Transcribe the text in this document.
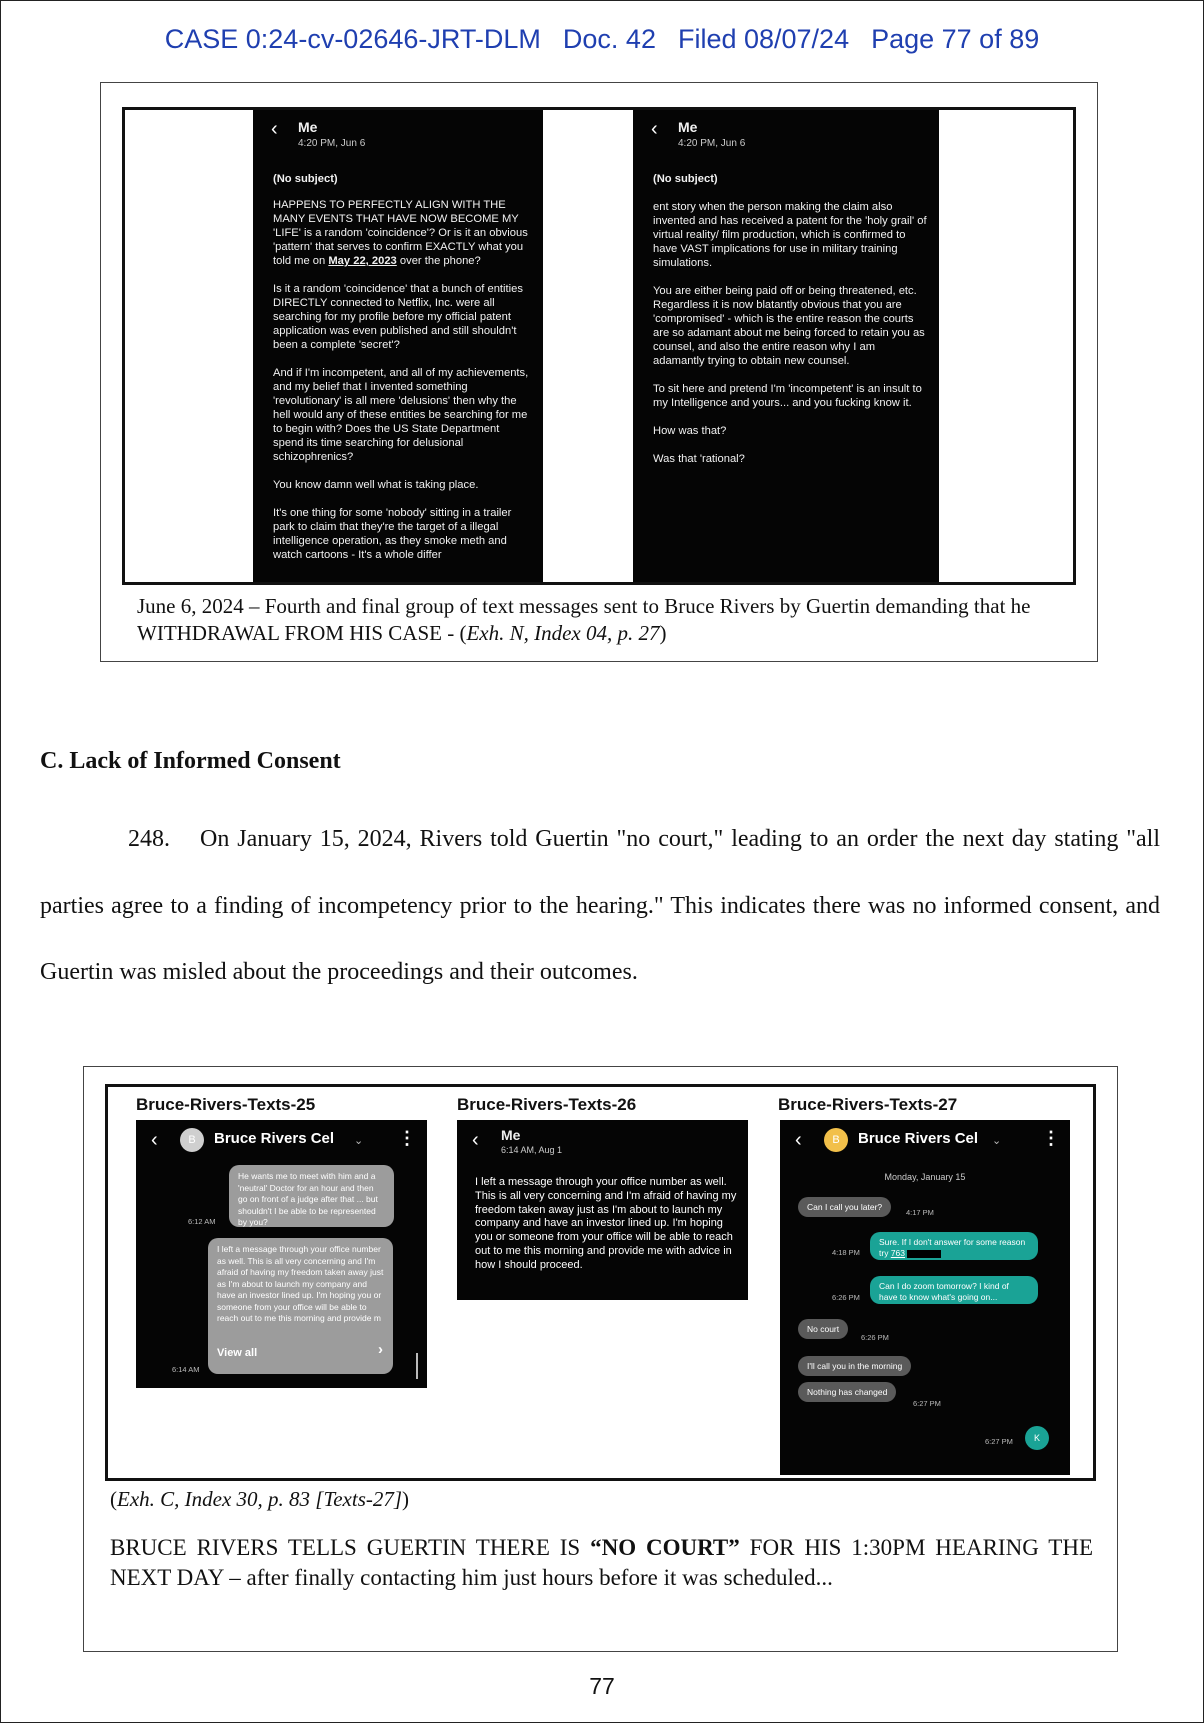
CASE 0:24-cv-02646-JRT-DLM Doc. 42 Filed 08/07/24 Page 77 of 89
‹ Me
4:20 PM, Jun 6
(No subject)

HAPPENS TO PERFECTLY ALIGN WITH THE MANY EVENTS THAT HAVE NOW BECOME MY 'LIFE' is a random 'coincidence'? Or is it an obvious 'pattern' that serves to confirm EXACTLY what you told me on May 22, 2023 over the phone?

Is it a random 'coincidence' that a bunch of entities DIRECTLY connected to Netflix, Inc. were all searching for my profile before my official patent application was even published and still shouldn't been a complete 'secret'?

And if I'm incompetent, and all of my achievements, and my belief that I invented something 'revolutionary' is all mere 'delusions' then why the hell would any of these entities be searching for me to begin with? Does the US State Department spend its time searching for delusional schizophrenics?

You know damn well what is taking place.

It's one thing for some 'nobody' sitting in a trailer park to claim that they're the target of a illegal intelligence operation, as they smoke meth and watch cartoons - It's a whole differ

‹ Me
4:20 PM, Jun 6
(No subject)

ent story when the person making the claim also invented and has received a patent for the 'holy grail' of virtual reality/ film production, which is confirmed to have VAST implications for use in military training simulations.

You are either being paid off or being threatened, etc. Regardless it is now blatantly obvious that you are 'compromised' - which is the entire reason the courts are so adamant about me being forced to retain you as counsel, and also the entire reason why I am adamantly trying to obtain new counsel.

To sit here and pretend I'm 'incompetent' is an insult to my Intelligence and yours... and you fucking know it.

How was that?

Was that 'rational?

June 6, 2024 – Fourth and final group of text messages sent to Bruce Rivers by Guertin demanding that he WITHDRAWAL FROM HIS CASE - (Exh. N, Index 04, p. 27)
C. Lack of Informed Consent
248. On January 15, 2024, Rivers told Guertin "no court," leading to an order the next day stating "all parties agree to a finding of incompetency prior to the hearing." This indicates there was no informed consent, and Guertin was misled about the proceedings and their outcomes.
Bruce-Rivers-Texts-25	Bruce-Rivers-Texts-26	Bruce-Rivers-Texts-27
‹	B	Bruce Rivers Cel ⌄ ⋮
He wants me to meet with him and a 'neutral' Doctor for an hour and then go on front of a judge after that ... but shouldn't I be able to be represented by you?
6:12 AM
I left a message through your office number as well. This is all very concerning and I'm afraid of having my freedom taken away just as I'm about to launch my company and have an investor lined up. I'm hoping you or someone from your office will be able to reach out to me this morning and provide m
View all	›
6:14 AM
‹ Me
6:14 AM, Aug 1
I left a message through your office number as well. This is all very concerning and I'm afraid of having my freedom taken away just as I'm about to launch my company and have an investor lined up. I'm hoping you or someone from your office will be able to reach out to me this morning and provide me with advice in how I should proceed.
‹	B	Bruce Rivers Cel ⌄ ⋮
Monday, January 15
Can I call you later?
4:17 PM
Sure. If I don't answer for some reason try 763
4:18 PM
Can I do zoom tomorrow? I kind of have to know what's going on...
6:26 PM
No court
6:26 PM
I'll call you in the morning
Nothing has changed
6:27 PM
6:27 PM	K
(Exh. C, Index 30, p. 83 [Texts-27])
BRUCE RIVERS TELLS GUERTIN THERE IS “NO COURT” FOR HIS 1:30PM HEARING THE NEXT DAY – after finally contacting him just hours before it was scheduled...
77
